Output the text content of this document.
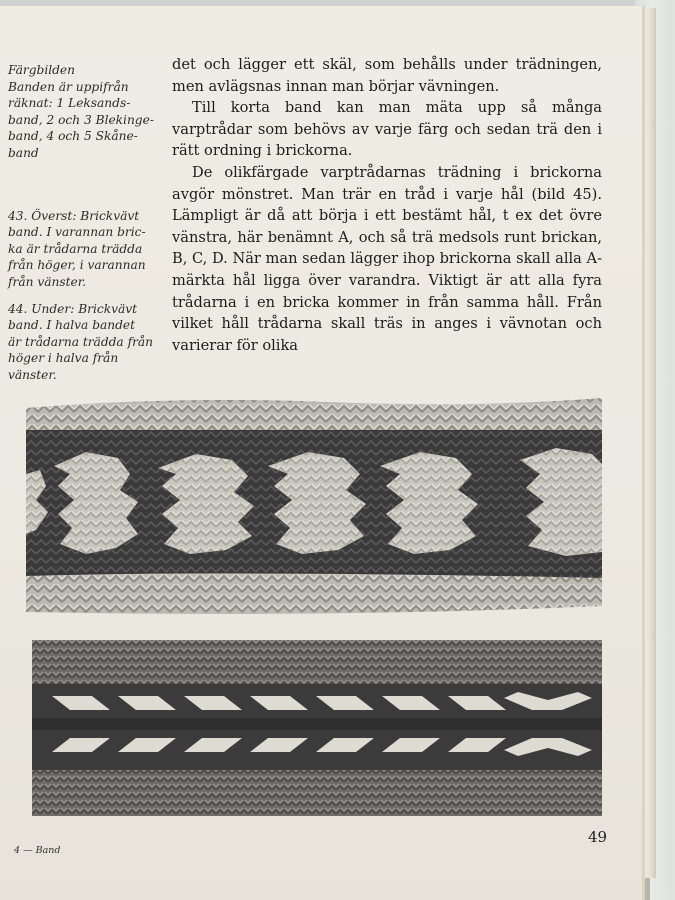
Färgbilden
Banden är uppifrån
räknat: 1 Leksands-
band, 2 och 3 Blekinge-
band, 4 och 5 Skåne-
band

43. Överst: Brickvävt
band. I varannan bric-
ka är trådarna trädda
från höger, i varannan
från vänster.

44. Under: Brickvävt
band. I halva bandet
är trådarna trädda från
höger i halva från
vänster.

det och lägger ett skäl, som behålls under trädningen, men avlägsnas innan man börjar vävningen.

Till korta band kan man mäta upp så många varptrådar som behövs av varje färg och sedan trä den i rätt ordning i brickorna.

De olikfärgade varptrådarnas trädning i brickorna avgör mönstret. Man trär en tråd i varje hål (bild 45). Lämpligt är då att börja i ett bestämt hål, t ex det övre vänstra, här benämnt A, och så trä medsols runt brickan, B, C, D. När man sedan lägger ihop brickorna skall alla A-märkta hål ligga över varandra. Viktigt är att alla fyra trådarna i en bricka kommer in från samma håll. Från vilket håll trådarna skall träs in anges i vävnotan och varierar för olika

4 — Band
49
